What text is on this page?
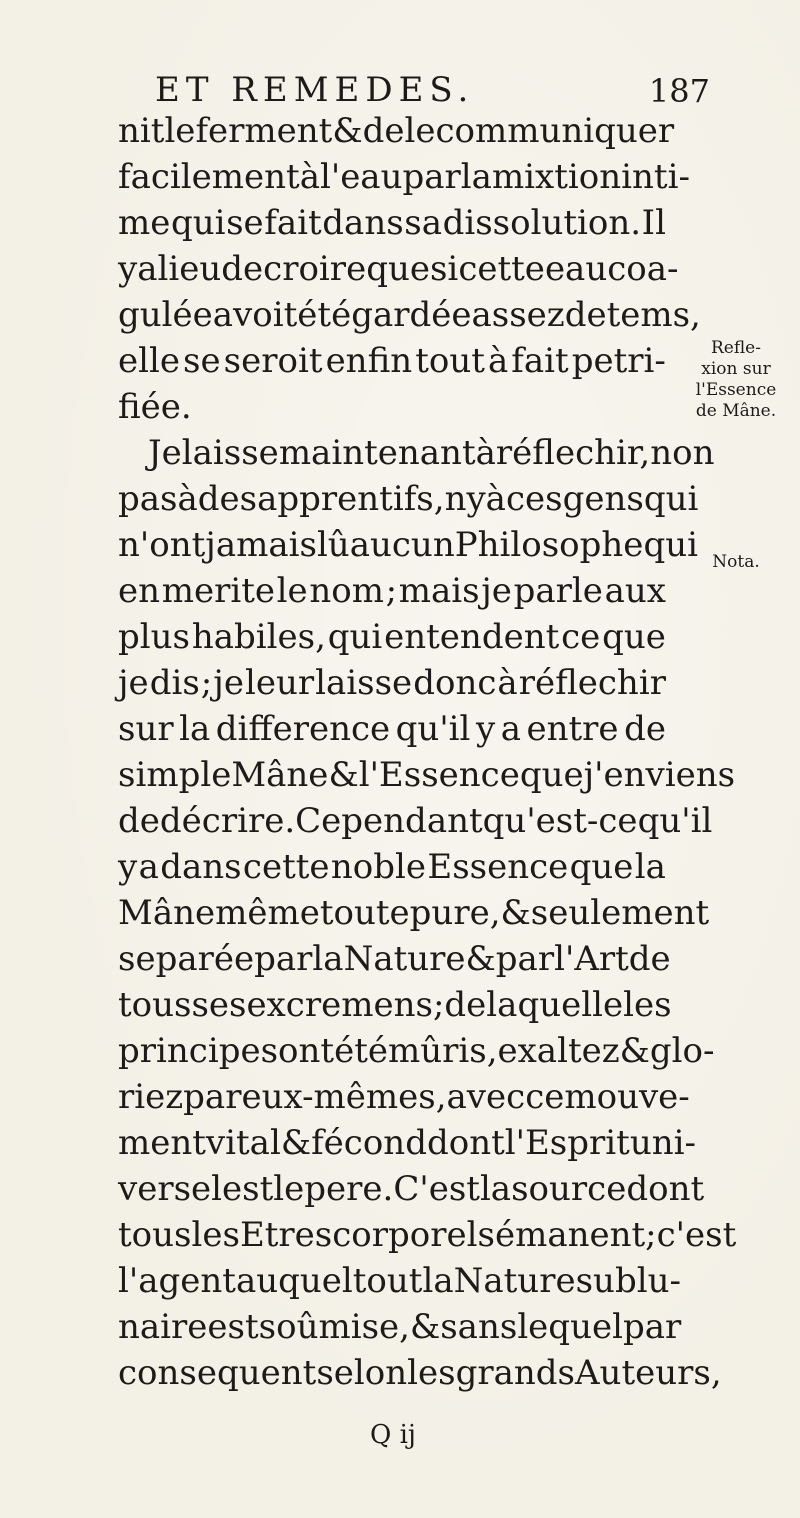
ET REMEDES.	187
nit le ferment & de le communiquer
facilement à l'eau par la mixtion inti-
me qui se fait dans sa dissolution. Il
y a lieu de croire que si cette eau coa-
gulée avoit été gardée assez de tems,
elle se seroit enfin tout à fait petri-
fiée.
Je laisse maintenant à réflechir, non
pas à des apprentifs, ny à ces gens qui
n'ont jamais lû aucun Philosophe qui
en merite le nom ; mais je parle aux
plus habiles, qui entendent ce que
je dis ; je leur laisse donc à réflechir
sur la difference qu'il y a entre de
simple Mâne & l'Essence que j'en viens
de décrire. Cependant qu'est-ce qu'il
y a dans cette noble Essence que la
Mâne même toute pure, & seulement
separée par la Nature & par l'Art de
tous ses excremens ; de laquelle les
principes ont été mûris, exaltez & glo-
riez par eux-mêmes, avec ce mouve-
ment vital & fécond dont l'Esprit uni-
versel est le pere. C'est la source dont
tous les Etres corporels émanent ; c'est
l'agent auquel tout la Nature sublu-
naire est soûmise, & sans lequel par
consequent selon les grands Auteurs,
Refle-
xion sur
l'Essence
de Mâne.
Nota.
Q ij
